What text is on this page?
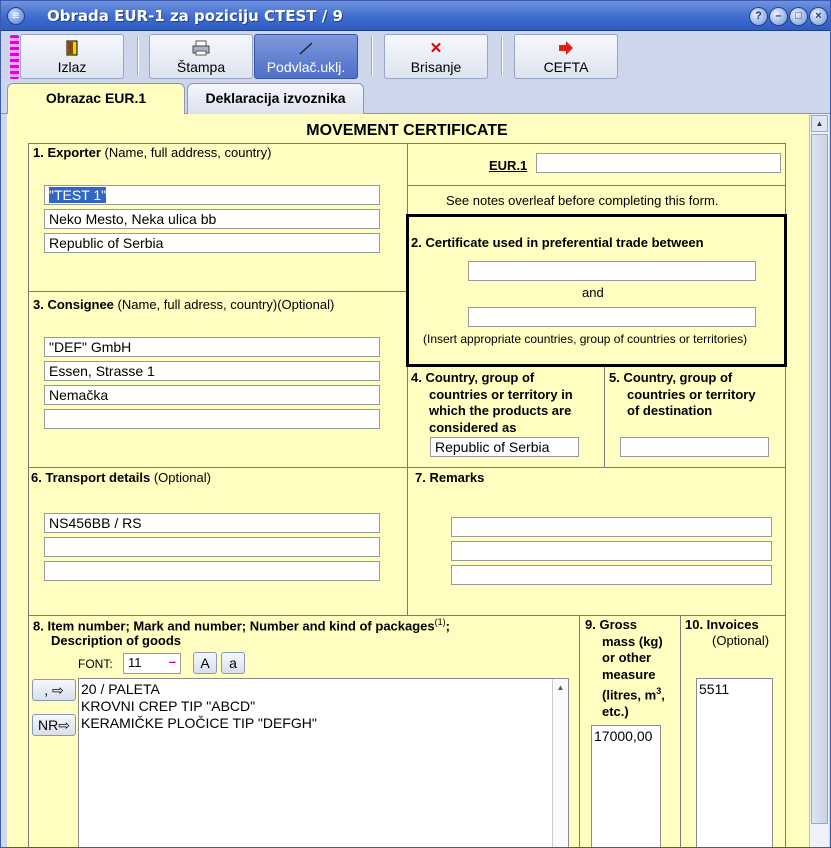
≡	Obrada EUR-1 za poziciju CTEST / 9	?	–	□	×
Izlaz	Štampa	Podvlač.uklj.
✕
Brisanje	CEFTA
Obrazac EUR.1	Deklaracija izvoznika
MOVEMENT CERTIFICATE
1. Exporter (Name, full address, country)
"TEST 1"
Neko Mesto, Neka ulica bb
Republic of Serbia
EUR.1
See notes overleaf before completing this form.
2. Certificate used in preferential trade between
and
(Insert appropriate countries, group of countries or territories)
3. Consignee (Name, full adress, country)(Optional)
"DEF" GmbH
Essen, Strasse 1
Nemačka
4. Country, group of
countries or territory in
which the products are
considered as
Republic of Serbia
5. Country, group of
countries or territory
of destination
6. Transport details (Optional)
NS456BB / RS
7. Remarks
8. Item number; Mark and number; Number and kind of packages$^{(1)}$;
Description of goods
FONT:	11 –	A	a
, ⇨
NR⇨
20 / PALETA
KROVNI CREP TIP "ABCD"
KERAMIČKE PLOČICE TIP "DEFGH"
▲
9. Gross
mass (kg)
or other
measure
(litres, $m^3$,
etc.)
17000,00
10. Invoices
(Optional)
5511
▲
